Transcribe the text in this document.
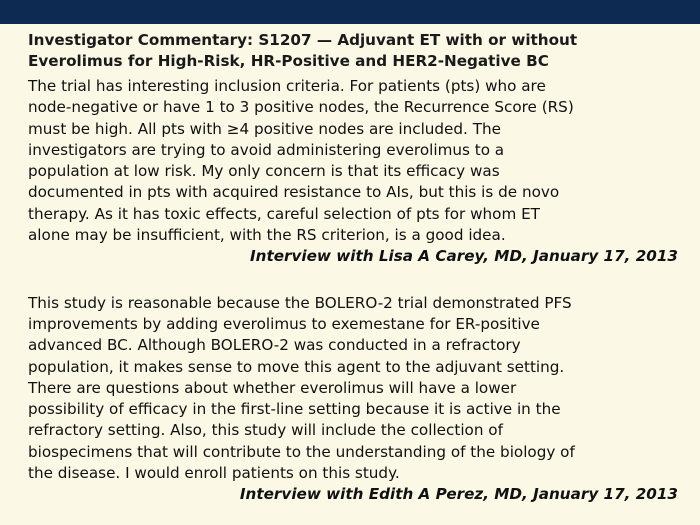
Investigator Commentary: S1207 — Adjuvant ET with or without
Everolimus for High-Risk, HR-Positive and HER2-Negative BC

The trial has interesting inclusion criteria. For patients (pts) who are
node-negative or have 1 to 3 positive nodes, the Recurrence Score (RS)
must be high. All pts with ≥4 positive nodes are included. The
investigators are trying to avoid administering everolimus to a
population at low risk. My only concern is that its efficacy was
documented in pts with acquired resistance to AIs, but this is de novo
therapy. As it has toxic effects, careful selection of pts for whom ET
alone may be insufficient, with the RS criterion, is a good idea.

Interview with Lisa A Carey, MD, January 17, 2013

This study is reasonable because the BOLERO-2 trial demonstrated PFS
improvements by adding everolimus to exemestane for ER-positive
advanced BC. Although BOLERO-2 was conducted in a refractory
population, it makes sense to move this agent to the adjuvant setting.
There are questions about whether everolimus will have a lower
possibility of efficacy in the first-line setting because it is active in the
refractory setting. Also, this study will include the collection of
biospecimens that will contribute to the understanding of the biology of
the disease. I would enroll patients on this study.

Interview with Edith A Perez, MD, January 17, 2013
